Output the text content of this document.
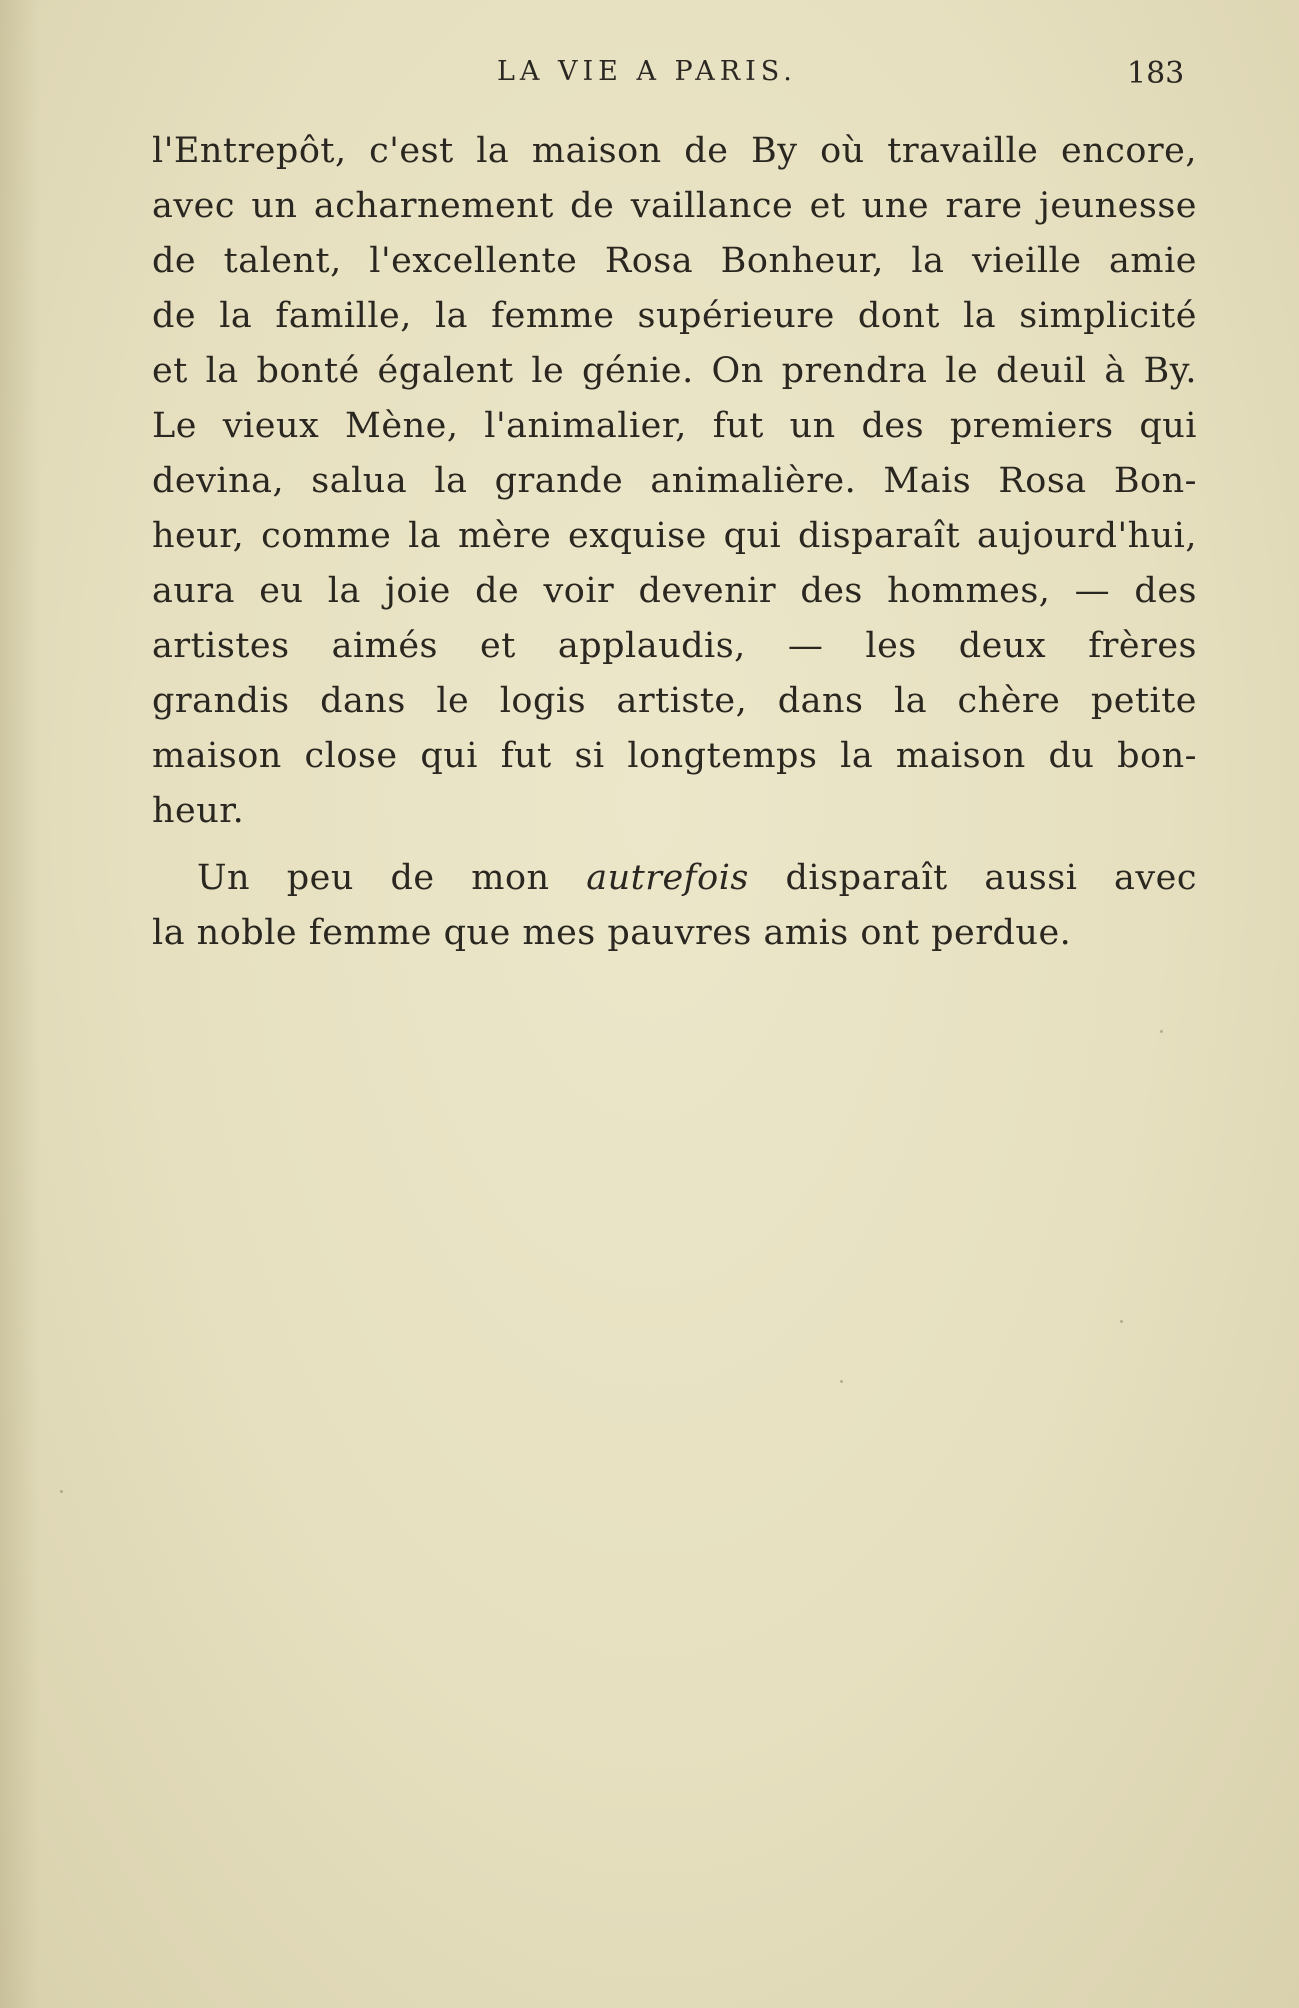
LA VIE A PARIS.	183
l'Entrepôt, c'est la maison de By où travaille encore,
avec un acharnement de vaillance et une rare jeunesse
de talent, l'excellente Rosa Bonheur, la vieille amie
de la famille, la femme supérieure dont la simplicité
et la bonté égalent le génie. On prendra le deuil à By.
Le vieux Mène, l'animalier, fut un des premiers qui
devina, salua la grande animalière. Mais Rosa Bon-
heur, comme la mère exquise qui disparaît aujourd'hui,
aura eu la joie de voir devenir des hommes, — des
artistes aimés et applaudis, — les deux frères
grandis dans le logis artiste, dans la chère petite
maison close qui fut si longtemps la maison du bon-
heur.
Un peu de mon autrefois disparaît aussi avec
la noble femme que mes pauvres amis ont perdue.
